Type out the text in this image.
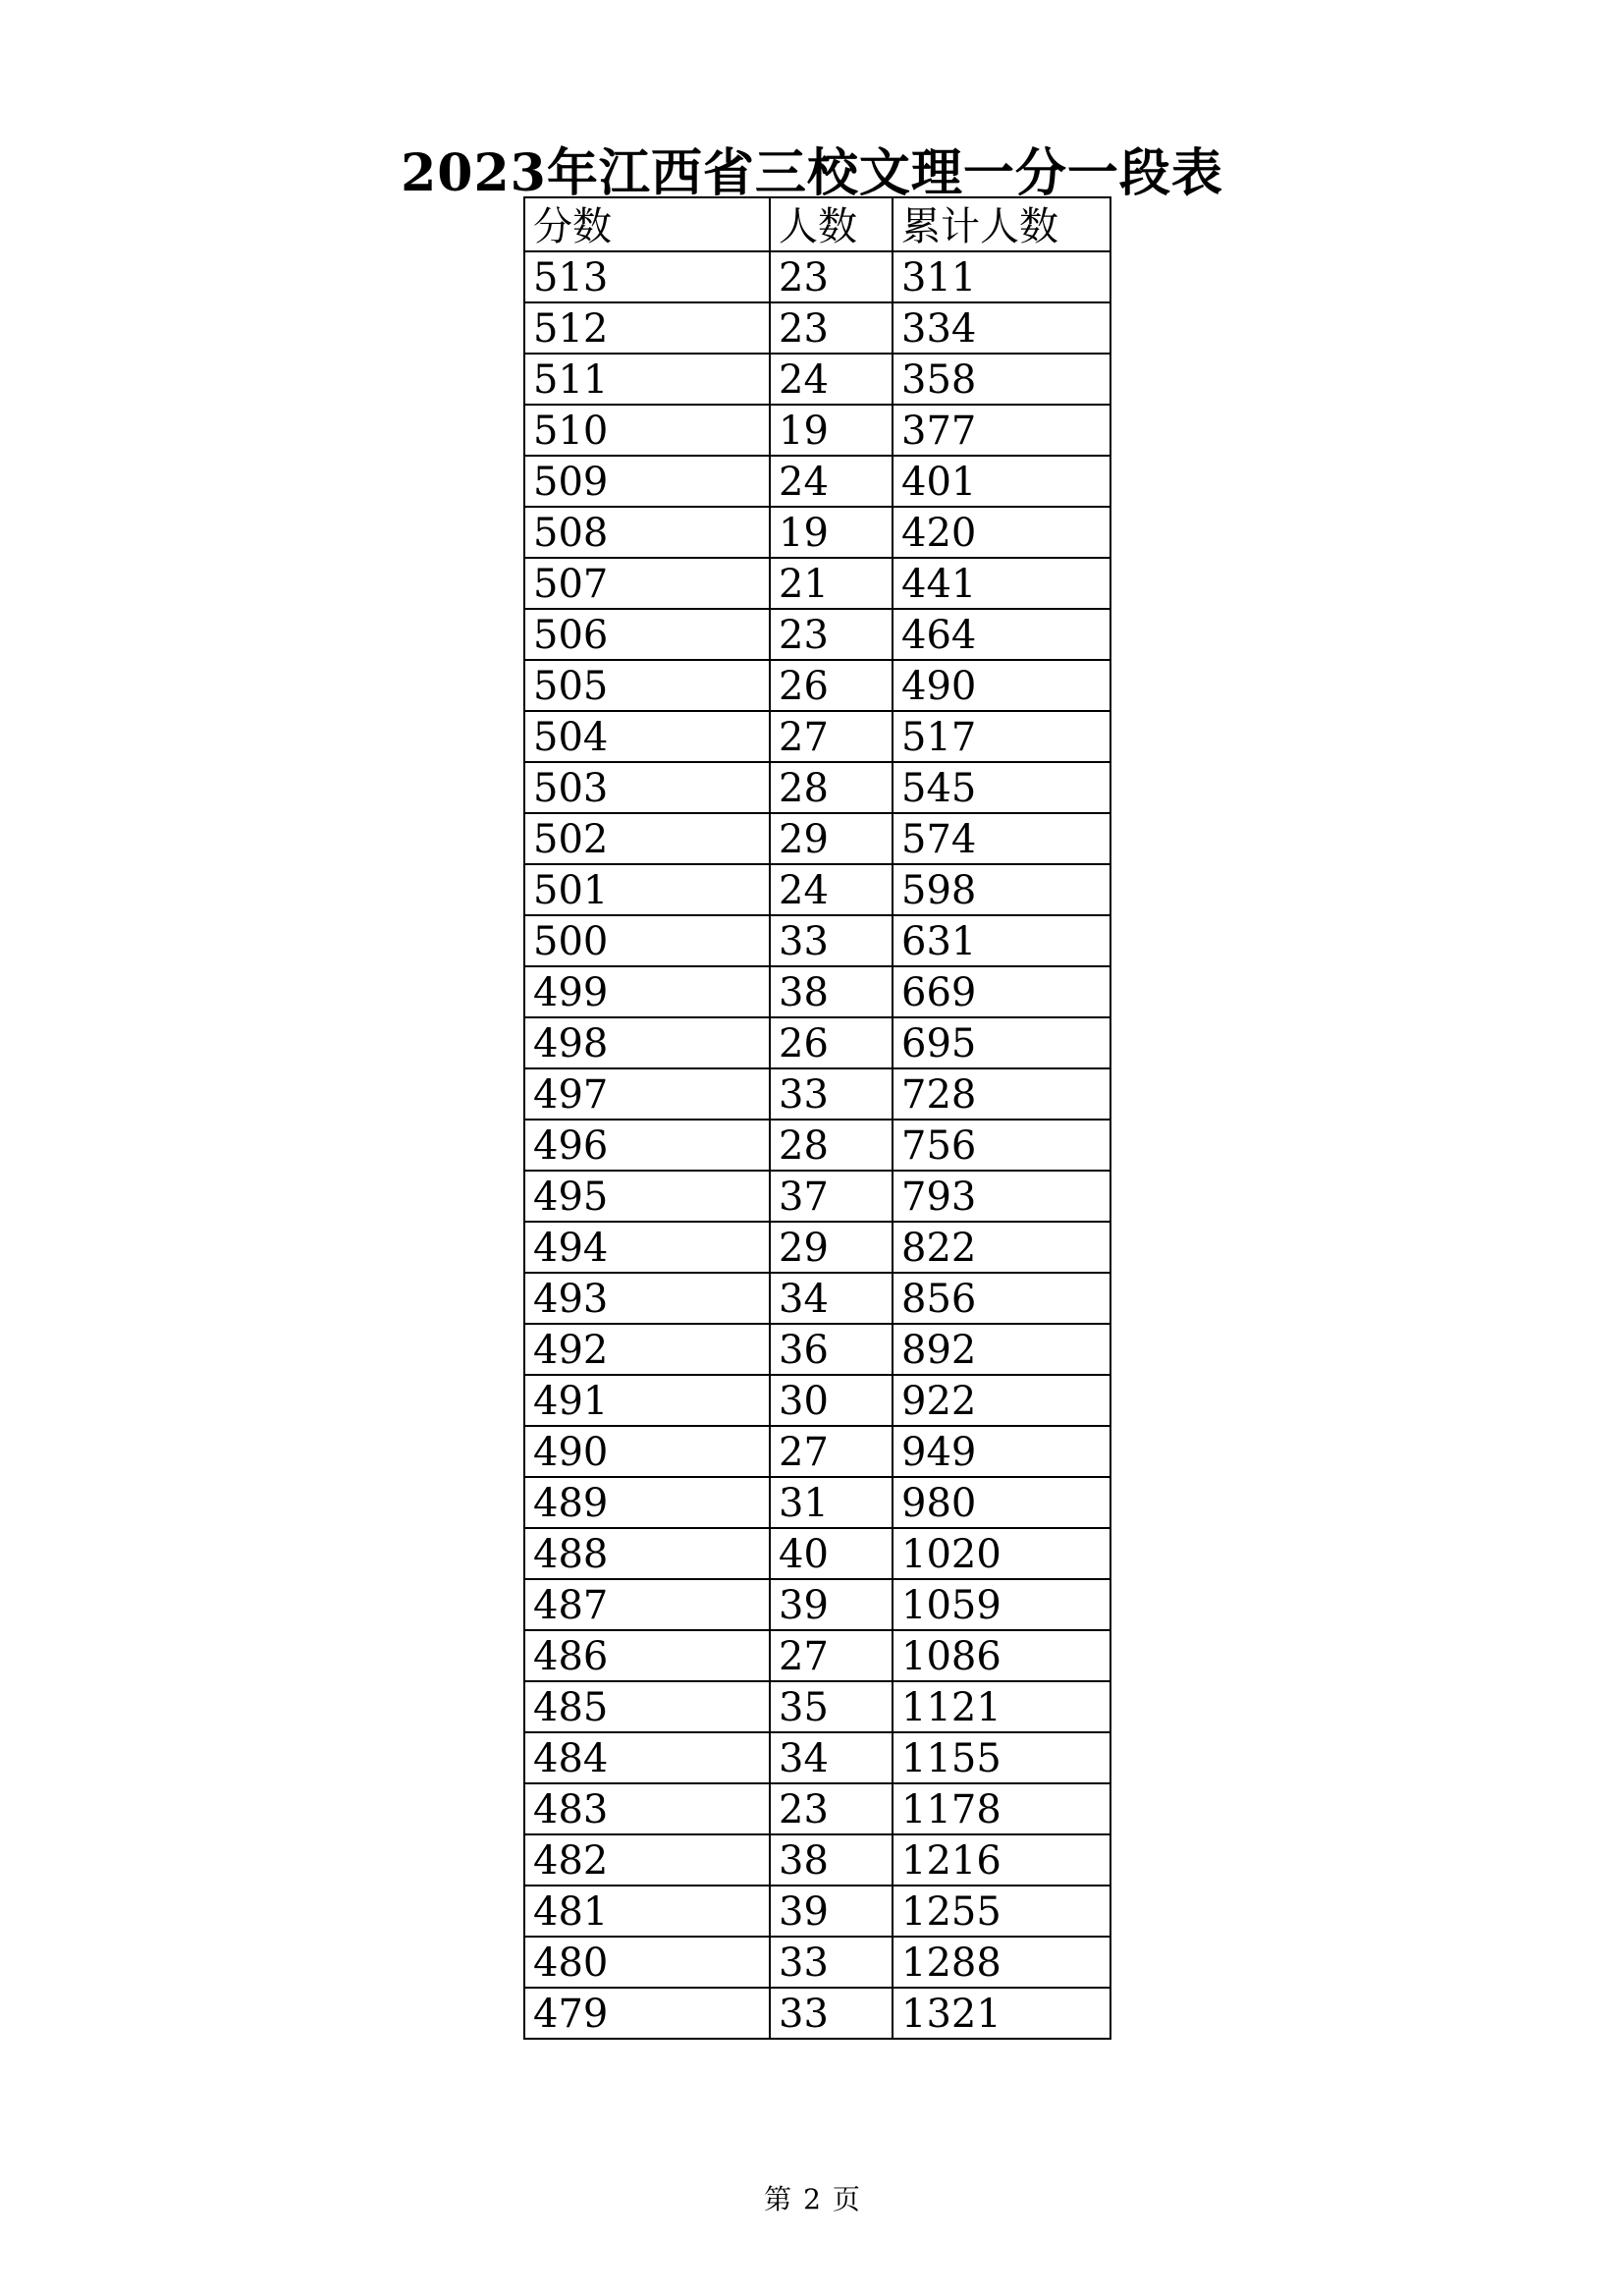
2023年江西省三校文理一分一段表
分数	人数	累计人数
513	23	311
512	23	334
511	24	358
510	19	377
509	24	401
508	19	420
507	21	441
506	23	464
505	26	490
504	27	517
503	28	545
502	29	574
501	24	598
500	33	631
499	38	669
498	26	695
497	33	728
496	28	756
495	37	793
494	29	822
493	34	856
492	36	892
491	30	922
490	27	949
489	31	980
488	40	1020
487	39	1059
486	27	1086
485	35	1121
484	34	1155
483	23	1178
482	38	1216
481	39	1255
480	33	1288
479	33	1321
第 2 页
